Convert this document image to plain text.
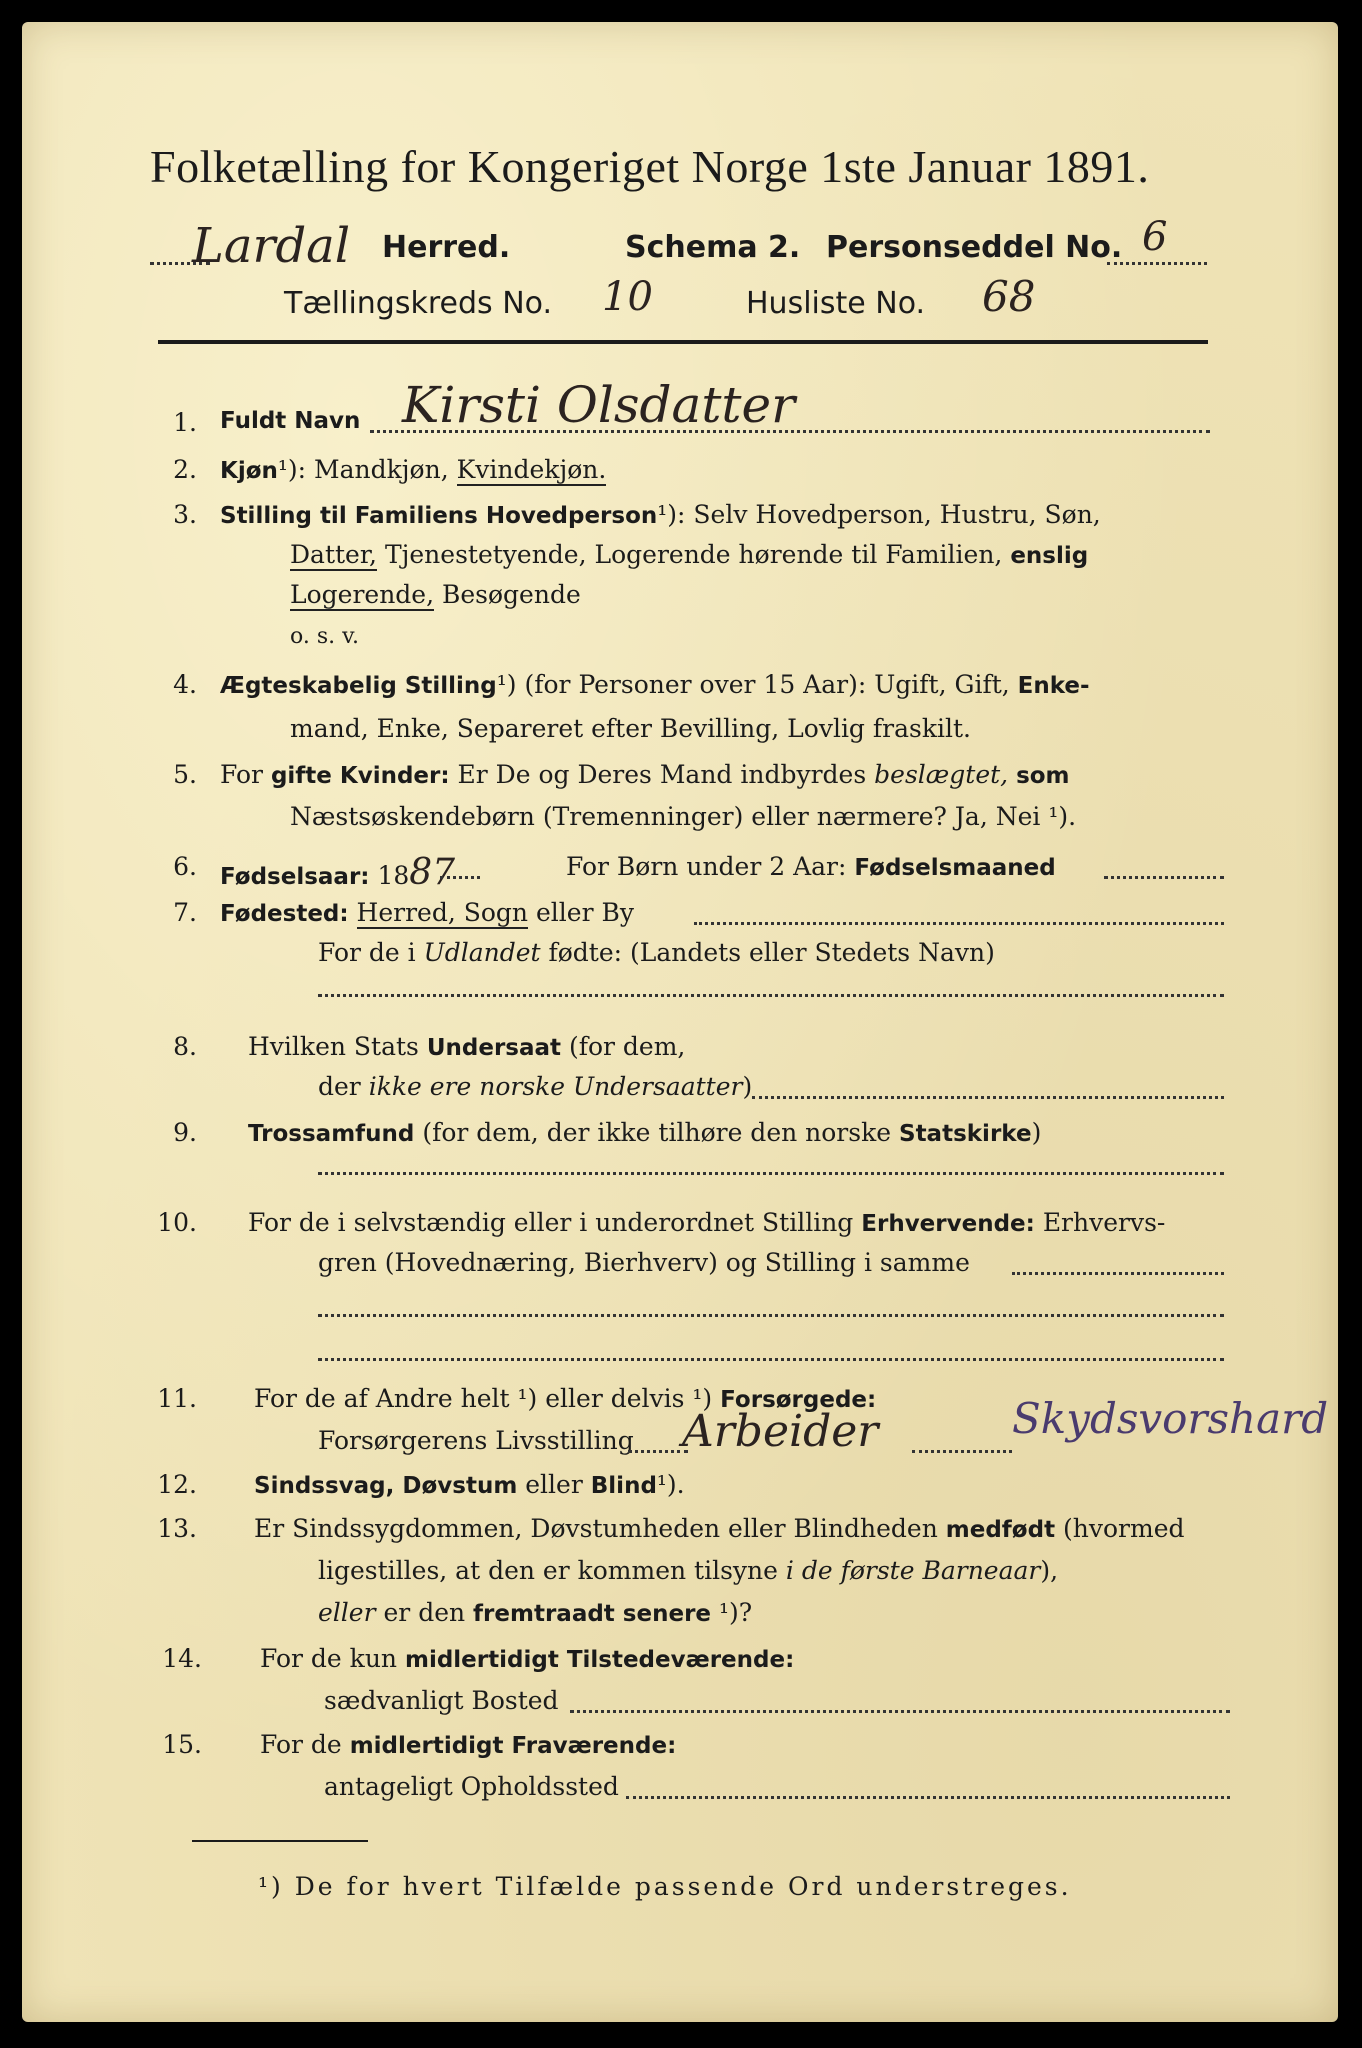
Folketælling for Kongeriget Norge 1ste Januar 1891.
Lardal Herred.	Schema 2. Personseddel No. 6
Tællingskreds No. 10	Husliste No. 68
1. Fuldt Navn Kirsti Olsdatter
2. Kjøn¹): Mandkjøn, Kvindekjøn.
3. Stilling til Familiens Hovedperson¹): Selv Hovedperson, Hustru, Søn,
Datter, Tjenestetyende, Logerende hørende til Familien, enslig
Logerende, Besøgende
o. s. v.
4. Ægteskabelig Stilling¹) (for Personer over 15 Aar): Ugift, Gift, Enke-
mand, Enke, Separeret efter Bevilling, Lovlig fraskilt.
5. For gifte Kvinder: Er De og Deres Mand indbyrdes beslægtet, som
Næstsøskendebørn (Tremenninger) eller nærmere? Ja, Nei ¹).
6. Fødselsaar: 1887	For Børn under 2 Aar: Fødselsmaaned
7. Fødested: Herred, Sogn eller By
For de i Udlandet fødte: (Landets eller Stedets Navn)
8. Hvilken Stats Undersaat (for dem,
der ikke ere norske Undersaatter)
9. Trossamfund (for dem, der ikke tilhøre den norske Statskirke)
10. For de i selvstændig eller i underordnet Stilling Erhvervende: Erhvervs-
gren (Hovednæring, Bierhverv) og Stilling i samme
11. For de af Andre helt ¹) eller delvis ¹) Forsørgede:
Forsørgerens Livsstilling Arbeider	Skydsvorshard
12. Sindssvag, Døvstum eller Blind¹).
13. Er Sindssygdommen, Døvstumheden eller Blindheden medfødt (hvormed
ligestilles, at den er kommen tilsyne i de første Barneaar),
eller er den fremtraadt senere ¹)?
14. For de kun midlertidigt Tilstedeværende:
sædvanligt Bosted
15. For de midlertidigt Fraværende:
antageligt Opholdssted
¹) De for hvert Tilfælde passende Ord understreges.
